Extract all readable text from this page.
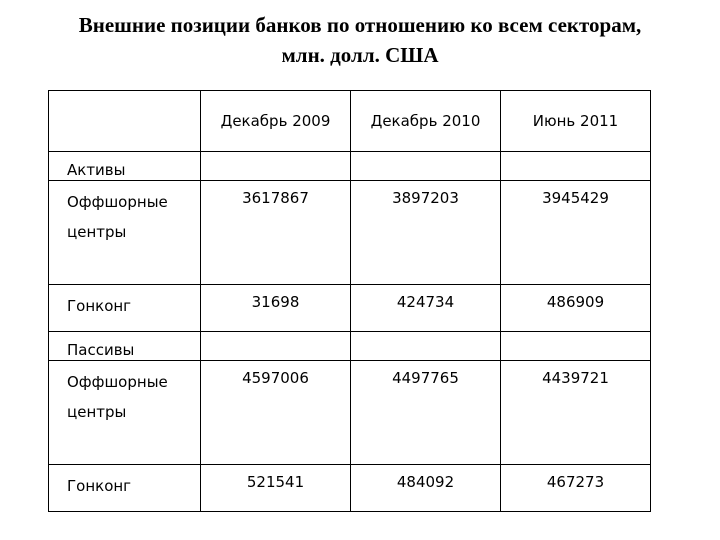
Внешние позиции банков по отношению ко всем секторам,
млн. долл. США
	Декабрь 2009	Декабрь 2010	Июнь 2011
Активы			

Оффшорные
центры	3617867	3897203	3945429

Гонконг	31698	424734	486909
Пассивы			

Оффшорные
центры	4597006	4497765	4439721

Гонконг	521541	484092	467273
